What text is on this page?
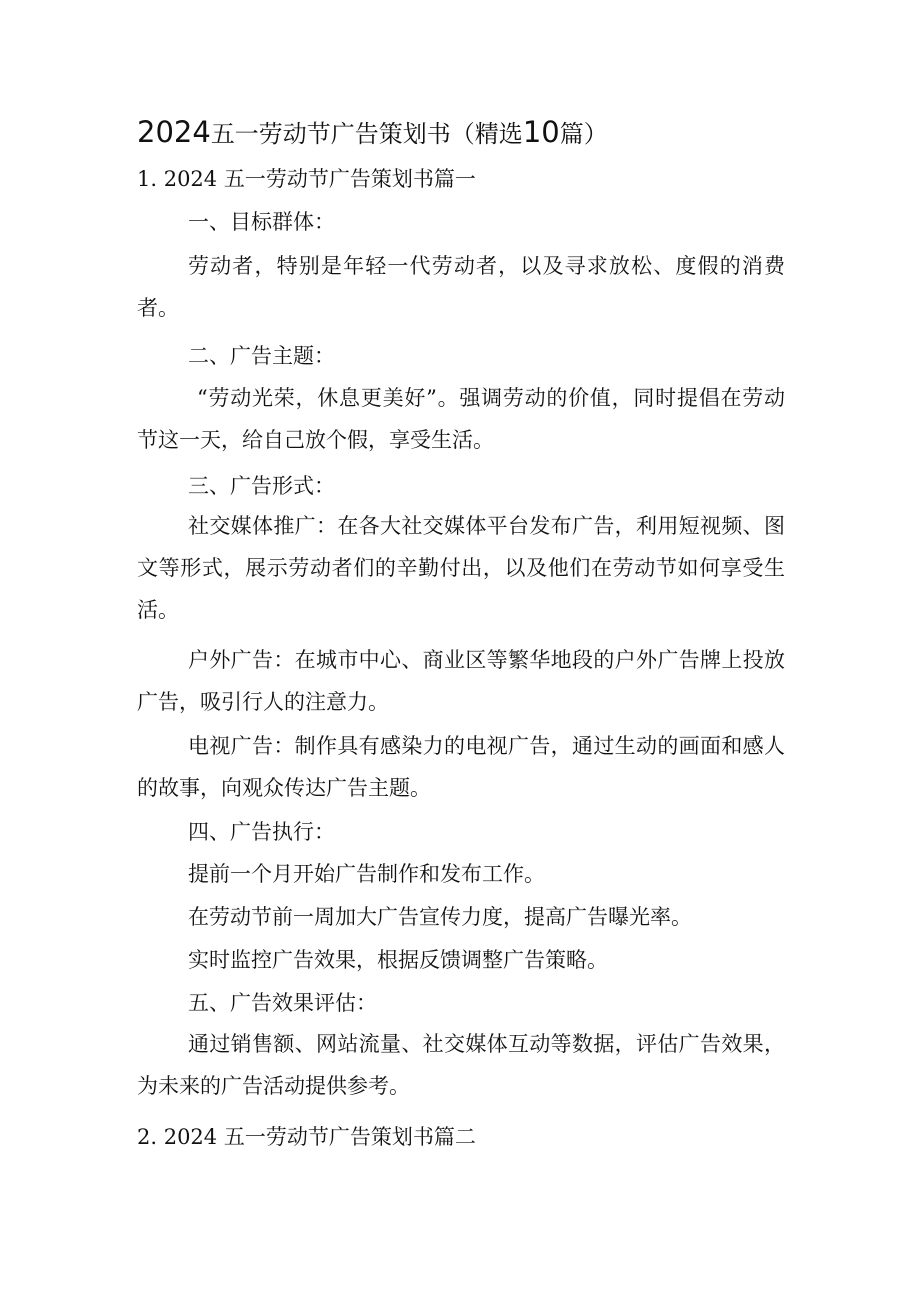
2024五一劳动节广告策划书（精选10篇）
1. 2024 五一劳动节广告策划书篇一
一、目标群体：
劳动者，特别是年轻一代劳动者，以及寻求放松、度假的消费者。
二、广告主题：
“劳动光荣，休息更美好”。强调劳动的价值，同时提倡在劳动节这一天，给自己放个假，享受生活。
三、广告形式：
社交媒体推广：在各大社交媒体平台发布广告，利用短视频、图文等形式，展示劳动者们的辛勤付出，以及他们在劳动节如何享受生活。
户外广告：在城市中心、商业区等繁华地段的户外广告牌上投放广告，吸引行人的注意力。
电视广告：制作具有感染力的电视广告，通过生动的画面和感人的故事，向观众传达广告主题。
四、广告执行：
提前一个月开始广告制作和发布工作。
在劳动节前一周加大广告宣传力度，提高广告曝光率。
实时监控广告效果，根据反馈调整广告策略。
五、广告效果评估：
通过销售额、网站流量、社交媒体互动等数据，评估广告效果，为未来的广告活动提供参考。
2. 2024 五一劳动节广告策划书篇二
